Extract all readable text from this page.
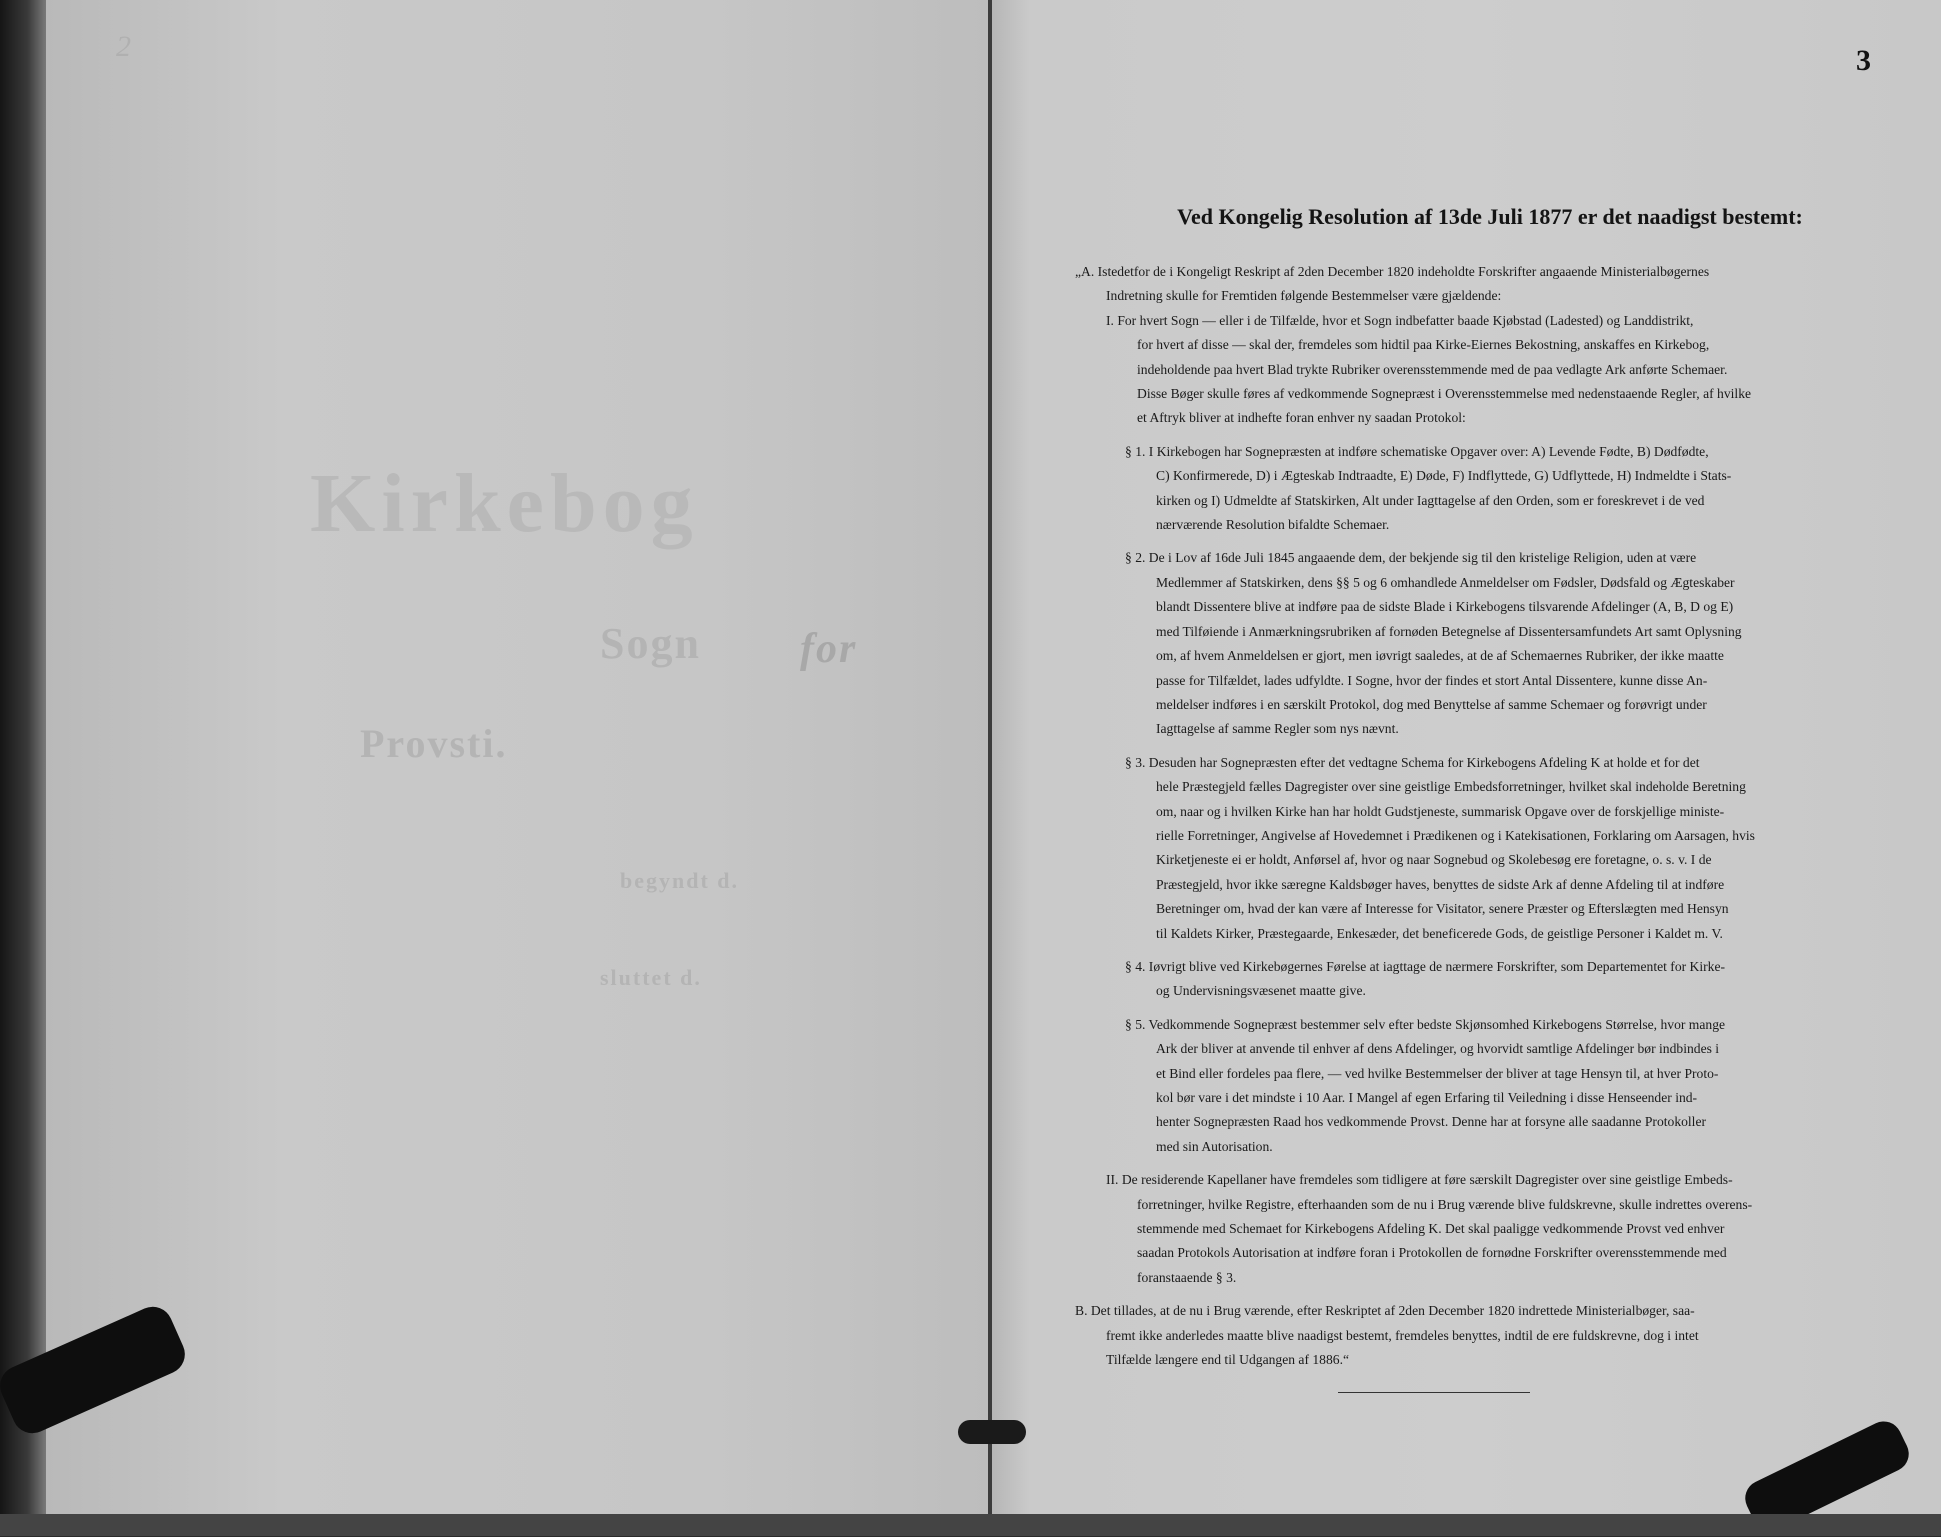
2
Kirkebog
Sogn for
Provsti.
begyndt d.
sluttet d.
3
Ved Kongelig Resolution af 13de Juli 1877 er det naadigst bestemt:
„A. Istedetfor de i Kongeligt Reskript af 2den December 1820 indeholdte Forskrifter angaaende Ministerialbøgernes
Indretning skulle for Fremtiden følgende Bestemmelser være gjældende:
I. For hvert Sogn — eller i de Tilfælde, hvor et Sogn indbefatter baade Kjøbstad (Ladested) og Landdistrikt,
for hvert af disse — skal der, fremdeles som hidtil paa Kirke-Eiernes Bekostning, anskaffes en Kirkebog,
indeholdende paa hvert Blad trykte Rubriker overensstemmende med de paa vedlagte Ark anførte Schemaer.
Disse Bøger skulle føres af vedkommende Sognepræst i Overensstemmelse med nedenstaaende Regler, af hvilke
et Aftryk bliver at indhefte foran enhver ny saadan Protokol:
§ 1. I Kirkebogen har Sognepræsten at indføre schematiske Opgaver over: A) Levende Fødte, B) Dødfødte,
C) Konfirmerede, D) i Ægteskab Indtraadte, E) Døde, F) Indflyttede, G) Udflyttede, H) Indmeldte i Stats-
kirken og I) Udmeldte af Statskirken, Alt under Iagttagelse af den Orden, som er foreskrevet i de ved
nærværende Resolution bifaldte Schemaer.
§ 2. De i Lov af 16de Juli 1845 angaaende dem, der bekjende sig til den kristelige Religion, uden at være
Medlemmer af Statskirken, dens §§ 5 og 6 omhandlede Anmeldelser om Fødsler, Dødsfald og Ægteskaber
blandt Dissentere blive at indføre paa de sidste Blade i Kirkebogens tilsvarende Afdelinger (A, B, D og E)
med Tilføiende i Anmærkningsrubriken af fornøden Betegnelse af Dissentersamfundets Art samt Oplysning
om, af hvem Anmeldelsen er gjort, men iøvrigt saaledes, at de af Schemaernes Rubriker, der ikke maatte
passe for Tilfældet, lades udfyldte. I Sogne, hvor der findes et stort Antal Dissentere, kunne disse An-
meldelser indføres i en særskilt Protokol, dog med Benyttelse af samme Schemaer og forøvrigt under
Iagttagelse af samme Regler som nys nævnt.
§ 3. Desuden har Sognepræsten efter det vedtagne Schema for Kirkebogens Afdeling K at holde et for det
hele Præstegjeld fælles Dagregister over sine geistlige Embedsforretninger, hvilket skal indeholde Beretning
om, naar og i hvilken Kirke han har holdt Gudstjeneste, summarisk Opgave over de forskjellige ministe-
rielle Forretninger, Angivelse af Hovedemnet i Prædikenen og i Katekisationen, Forklaring om Aarsagen, hvis
Kirketjeneste ei er holdt, Anførsel af, hvor og naar Sognebud og Skolebesøg ere foretagne, o. s. v. I de
Præstegjeld, hvor ikke særegne Kaldsbøger haves, benyttes de sidste Ark af denne Afdeling til at indføre
Beretninger om, hvad der kan være af Interesse for Visitator, senere Præster og Efterslægten med Hensyn
til Kaldets Kirker, Præstegaarde, Enkesæder, det beneficerede Gods, de geistlige Personer i Kaldet m. V.
§ 4. Iøvrigt blive ved Kirkebøgernes Førelse at iagttage de nærmere Forskrifter, som Departementet for Kirke-
og Undervisningsvæsenet maatte give.
§ 5. Vedkommende Sognepræst bestemmer selv efter bedste Skjønsomhed Kirkebogens Størrelse, hvor mange
Ark der bliver at anvende til enhver af dens Afdelinger, og hvorvidt samtlige Afdelinger bør indbindes i
et Bind eller fordeles paa flere, — ved hvilke Bestemmelser der bliver at tage Hensyn til, at hver Proto-
kol bør vare i det mindste i 10 Aar. I Mangel af egen Erfaring til Veiledning i disse Henseender ind-
henter Sognepræsten Raad hos vedkommende Provst. Denne har at forsyne alle saadanne Protokoller
med sin Autorisation.
II. De residerende Kapellaner have fremdeles som tidligere at føre særskilt Dagregister over sine geistlige Embeds-
forretninger, hvilke Registre, efterhaanden som de nu i Brug værende blive fuldskrevne, skulle indrettes overens-
stemmende med Schemaet for Kirkebogens Afdeling K. Det skal paaligge vedkommende Provst ved enhver
saadan Protokols Autorisation at indføre foran i Protokollen de fornødne Forskrifter overensstemmende med
foranstaaende § 3.
B. Det tillades, at de nu i Brug værende, efter Reskriptet af 2den December 1820 indrettede Ministerialbøger, saa-
fremt ikke anderledes maatte blive naadigst bestemt, fremdeles benyttes, indtil de ere fuldskrevne, dog i intet
Tilfælde længere end til Udgangen af 1886.“
